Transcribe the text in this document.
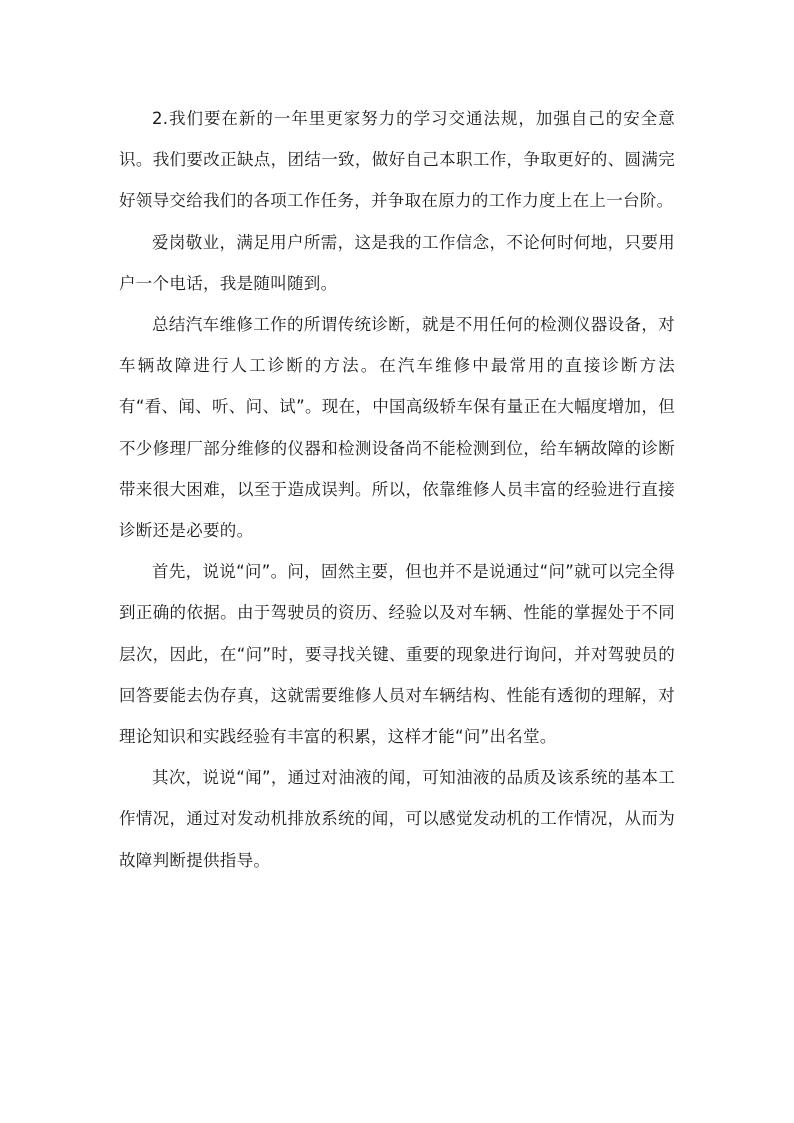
2.我们要在新的一年里更家努力的学习交通法规，加强自己的安全意识。我们要改正缺点，团结一致，做好自己本职工作，争取更好的、圆满完好领导交给我们的各项工作任务，并争取在原力的工作力度上在上一台阶。

爱岗敬业，满足用户所需，这是我的工作信念，不论何时何地，只要用户一个电话，我是随叫随到。

总结汽车维修工作的所谓传统诊断，就是不用任何的检测仪器设备，对车辆故障进行人工诊断的方法。在汽车维修中最常用的直接诊断方法有“看、闻、听、问、试”。现在，中国高级轿车保有量正在大幅度增加，但不少修理厂部分维修的仪器和检测设备尚不能检测到位，给车辆故障的诊断带来很大困难，以至于造成误判。所以，依靠维修人员丰富的经验进行直接诊断还是必要的。

首先，说说“问”。问，固然主要，但也并不是说通过“问”就可以完全得到正确的依据。由于驾驶员的资历、经验以及对车辆、性能的掌握处于不同层次，因此，在“问”时，要寻找关键、重要的现象进行询问，并对驾驶员的回答要能去伪存真，这就需要维修人员对车辆结构、性能有透彻的理解，对理论知识和实践经验有丰富的积累，这样才能“问”出名堂。

其次，说说“闻”，通过对油液的闻，可知油液的品质及该系统的基本工作情况，通过对发动机排放系统的闻，可以感觉发动机的工作情况，从而为故障判断提供指导。
